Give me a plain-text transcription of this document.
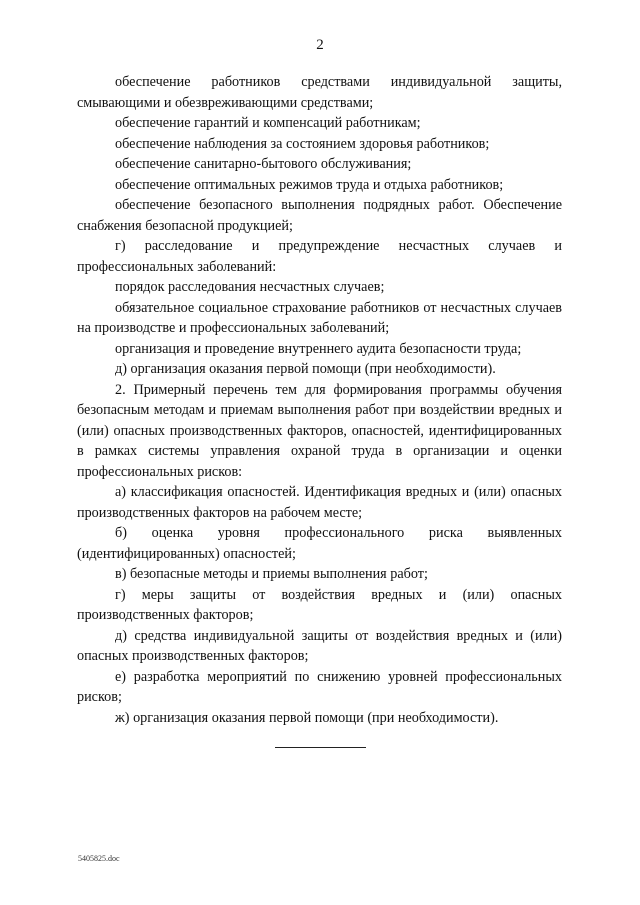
2

обеспечение работников средствами индивидуальной защиты, смывающими и обезвреживающими средствами;

обеспечение гарантий и компенсаций работникам;

обеспечение наблюдения за состоянием здоровья работников;

обеспечение санитарно-бытового обслуживания;

обеспечение оптимальных режимов труда и отдыха работников;

обеспечение безопасного выполнения подрядных работ. Обеспечение снабжения безопасной продукцией;

г) расследование и предупреждение несчастных случаев и профессиональных заболеваний:

порядок расследования несчастных случаев;

обязательное социальное страхование работников от несчастных случаев на производстве и профессиональных заболеваний;

организация и проведение внутреннего аудита безопасности труда;

д) организация оказания первой помощи (при необходимости).

2. Примерный перечень тем для формирования программы обучения безопасным методам и приемам выполнения работ при воздействии вредных и (или) опасных производственных факторов, опасностей, идентифицированных в рамках системы управления охраной труда в организации и оценки профессиональных рисков:

а) классификация опасностей. Идентификация вредных и (или) опасных производственных факторов на рабочем месте;

б) оценка уровня профессионального риска выявленных (идентифицированных) опасностей;

в) безопасные методы и приемы выполнения работ;

г) меры защиты от воздействия вредных и (или) опасных производственных факторов;

д) средства индивидуальной защиты от воздействия вредных и (или) опасных производственных факторов;

е) разработка мероприятий по снижению уровней профессиональных рисков;

ж) организация оказания первой помощи (при необходимости).

5405825.doc
